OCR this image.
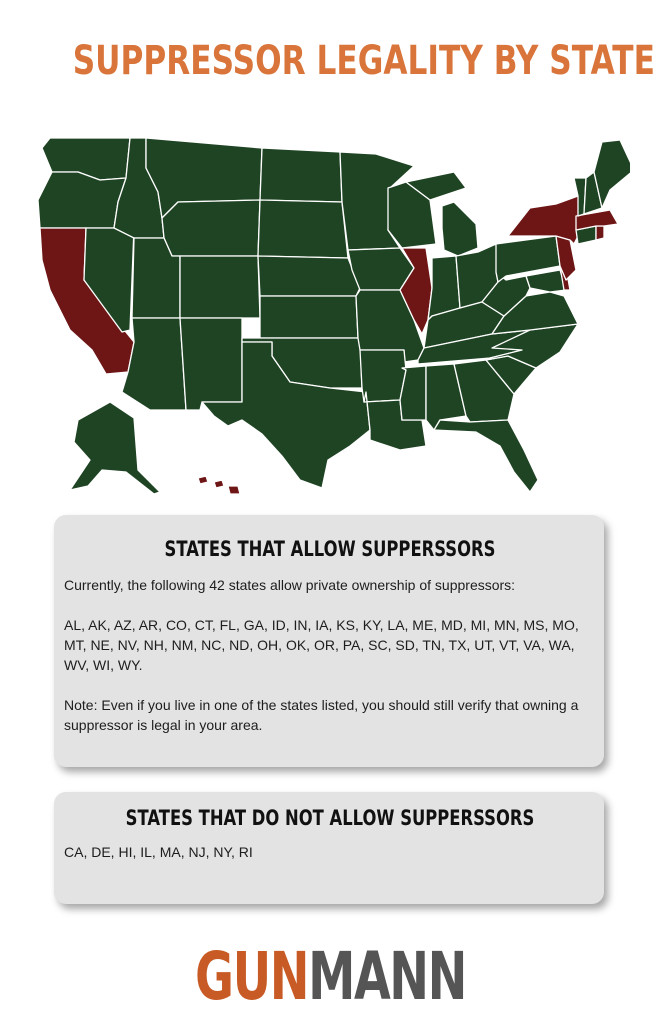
SUPPRESSOR LEGALITY BY STATE
STATES THAT ALLOW SUPPERSSORS

Currently, the following 42 states allow private ownership of suppressors:

AL, AK, AZ, AR, CO, CT, FL, GA, ID, IN, IA, KS, KY, LA, ME, MD, MI, MN, MS, MO, MT, NE, NV, NH, NM, NC, ND, OH, OK, OR, PA, SC, SD, TN, TX, UT, VT, VA, WA, WV, WI, WY.

Note: Even if you live in one of the states listed, you should still verify that owning a suppressor is legal in your area.

STATES THAT DO NOT ALLOW SUPPERSSORS

CA, DE, HI, IL, MA, NJ, NY, RI

GUNMANN
